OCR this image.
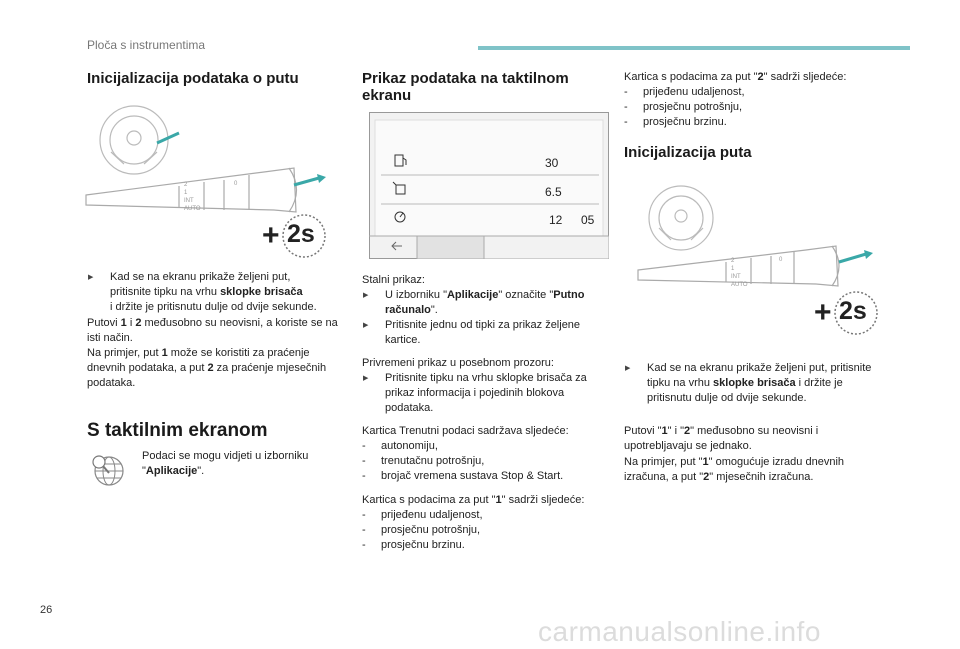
Ploča s instrumentima
Inicijalizacija podataka o putu
2
1
INT
AUTO
0
+ 2s

▶ Kad se na ekranu prikaže željeni put,
pritisnite tipku na vrhu sklopke brisača
i držite je pritisnutu dulje od dvije sekunde.

Putovi 1 i 2 međusobno su neovisni, a koriste se na isti način.

Na primjer, put 1 može se koristiti za praćenje dnevnih podataka, a put 2 za praćenje mjesečnih podataka.

S taktilnim ekranom

Podaci se mogu vidjeti u izborniku "Aplikacije".

Prikaz podataka na taktilnom ekranu
30
6.5
12 05

Stalni prikaz:

▶ U izborniku "Aplikacije" označite "Putno računalo".

▶ Pritisnite jednu od tipki za prikaz željene kartice.

Privremeni prikaz u posebnom prozoru:

▶ Pritisnite tipku na vrhu sklopke brisača za prikaz informacija i pojedinih blokova podataka.

Kartica Trenutni podaci sadržava sljedeće:

- autonomiju,

- trenutačnu potrošnju,

- brojač vremena sustava Stop & Start.

Kartica s podacima za put "1" sadrži sljedeće:

- prijeđenu udaljenost,

- prosječnu potrošnju,

- prosječnu brzinu.

Kartica s podacima za put "2" sadrži sljedeće:

- prijeđenu udaljenost,

- prosječnu potrošnju,

- prosječnu brzinu.

Inicijalizacija puta
2
1
INT
AUTO
0
+ 2s

▶ Kad se na ekranu prikaže željeni put, pritisnite tipku na vrhu sklopke brisača i držite je pritisnutu dulje od dvije sekunde.

Putovi "1" i "2" međusobno su neovisni i upotrebljavaju se jednako.

Na primjer, put "1" omogućuje izradu dnevnih izračuna, a put "2" mjesečnih izračuna.

26
carmanualsonline.info
